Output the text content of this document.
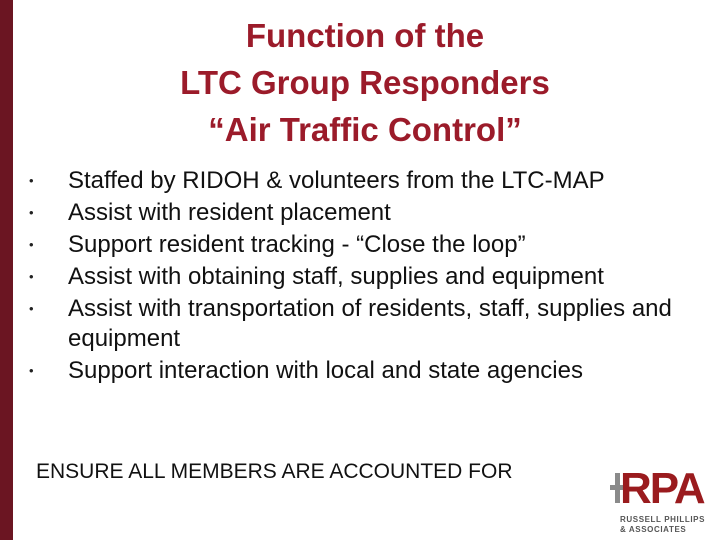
Function of the
LTC Group Responders
“Air Traffic Control”
• Staffed by RIDOH & volunteers from the LTC-MAP
• Assist with resident placement
• Support resident tracking - “Close the loop”
• Assist with obtaining staff, supplies and equipment
• Assist with transportation of residents, staff, supplies and equipment
• Support interaction with local and state agencies
ENSURE ALL MEMBERS ARE ACCOUNTED FOR RPA
RUSSELL PHILLIPS
& ASSOCIATES
